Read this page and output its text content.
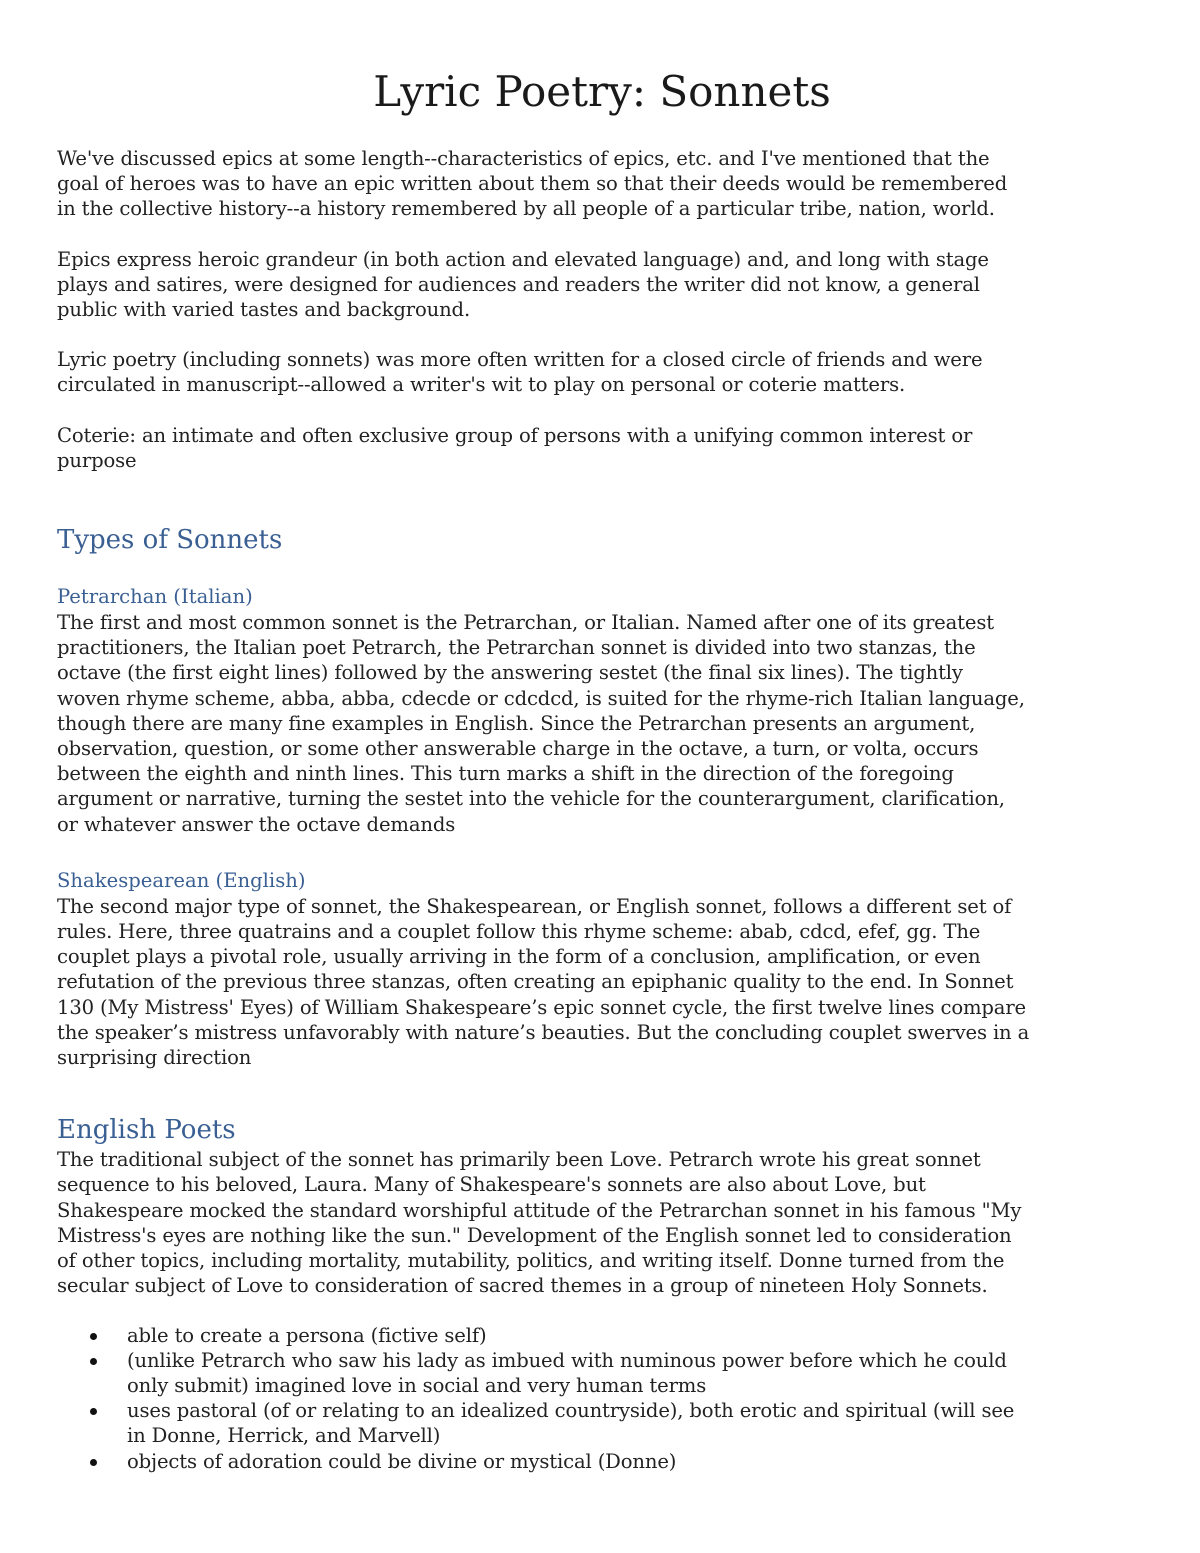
Lyric Poetry: Sonnets

We've discussed epics at some length--characteristics of epics, etc. and I've mentioned that the
goal of heroes was to have an epic written about them so that their deeds would be remembered
in the collective history--a history remembered by all people of a particular tribe, nation, world.

Epics express heroic grandeur (in both action and elevated language) and, and long with stage
plays and satires, were designed for audiences and readers the writer did not know, a general
public with varied tastes and background.

Lyric poetry (including sonnets) was more often written for a closed circle of friends and were
circulated in manuscript--allowed a writer's wit to play on personal or coterie matters.

Coterie: an intimate and often exclusive group of persons with a unifying common interest or
purpose

Types of Sonnets
Petrarchan (Italian)

The first and most common sonnet is the Petrarchan, or Italian. Named after one of its greatest
practitioners, the Italian poet Petrarch, the Petrarchan sonnet is divided into two stanzas, the
octave (the first eight lines) followed by the answering sestet (the final six lines). The tightly
woven rhyme scheme, abba, abba, cdecde or cdcdcd, is suited for the rhyme-rich Italian language,
though there are many fine examples in English. Since the Petrarchan presents an argument,
observation, question, or some other answerable charge in the octave, a turn, or volta, occurs
between the eighth and ninth lines. This turn marks a shift in the direction of the foregoing
argument or narrative, turning the sestet into the vehicle for the counterargument, clarification,
or whatever answer the octave demands

Shakespearean (English)

The second major type of sonnet, the Shakespearean, or English sonnet, follows a different set of
rules. Here, three quatrains and a couplet follow this rhyme scheme: abab, cdcd, efef, gg. The
couplet plays a pivotal role, usually arriving in the form of a conclusion, amplification, or even
refutation of the previous three stanzas, often creating an epiphanic quality to the end. In Sonnet
130 (My Mistress' Eyes) of William Shakespeare’s epic sonnet cycle, the first twelve lines compare
the speaker’s mistress unfavorably with nature’s beauties. But the concluding couplet swerves in a
surprising direction

English Poets

The traditional subject of the sonnet has primarily been Love. Petrarch wrote his great sonnet
sequence to his beloved, Laura. Many of Shakespeare's sonnets are also about Love, but
Shakespeare mocked the standard worshipful attitude of the Petrarchan sonnet in his famous "My
Mistress's eyes are nothing like the sun." Development of the English sonnet led to consideration
of other topics, including mortality, mutability, politics, and writing itself. Donne turned from the
secular subject of Love to consideration of sacred themes in a group of nineteen Holy Sonnets.

able to create a persona (fictive self)
(unlike Petrarch who saw his lady as imbued with numinous power before which he could
only submit) imagined love in social and very human terms
uses pastoral (of or relating to an idealized countryside), both erotic and spiritual (will see
in Donne, Herrick, and Marvell)
objects of adoration could be divine or mystical (Donne)
